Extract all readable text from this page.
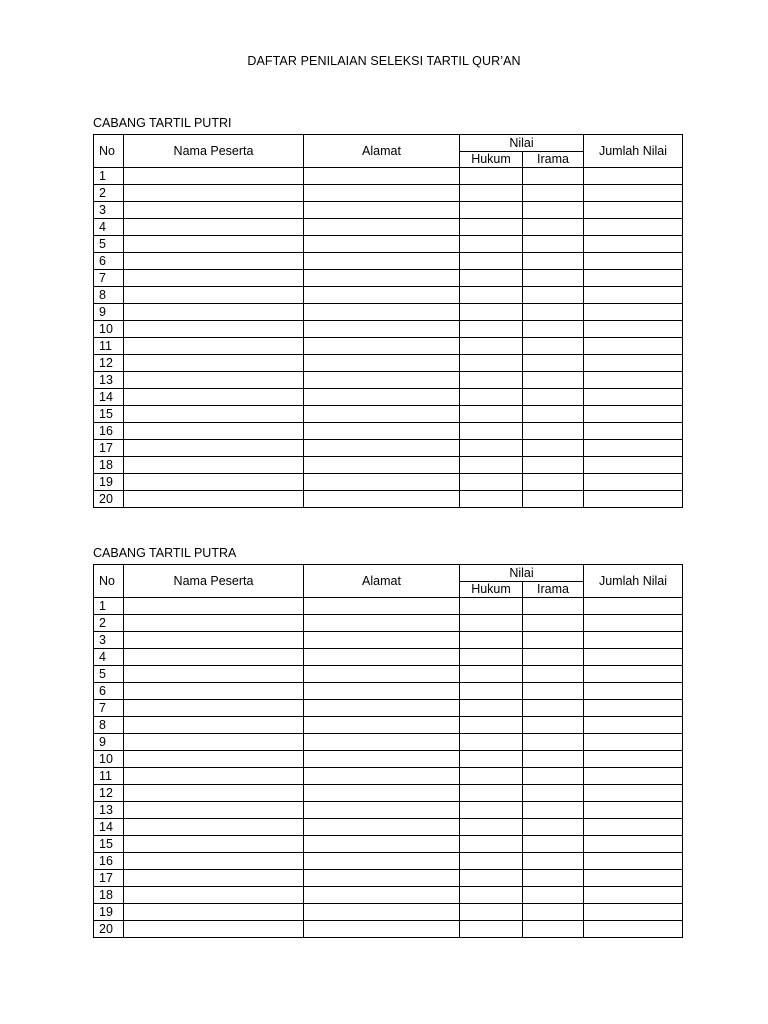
DAFTAR PENILAIAN SELEKSI TARTIL QUR’AN
CABANG TARTIL PUTRI
No	Nama Peserta	Alamat	Nilai		Jumlah Nilai
			Hukum	Irama	
1					
2					
3					
4					
5					
6					
7					
8					
9					
10					
11					
12					
13					
14					
15					
16					
17					
18					
19					
20					
CABANG TARTIL PUTRA
No	Nama Peserta	Alamat	Nilai		Jumlah Nilai
			Hukum	Irama	
1					
2					
3					
4					
5					
6					
7					
8					
9					
10					
11					
12					
13					
14					
15					
16					
17					
18					
19					
20					
